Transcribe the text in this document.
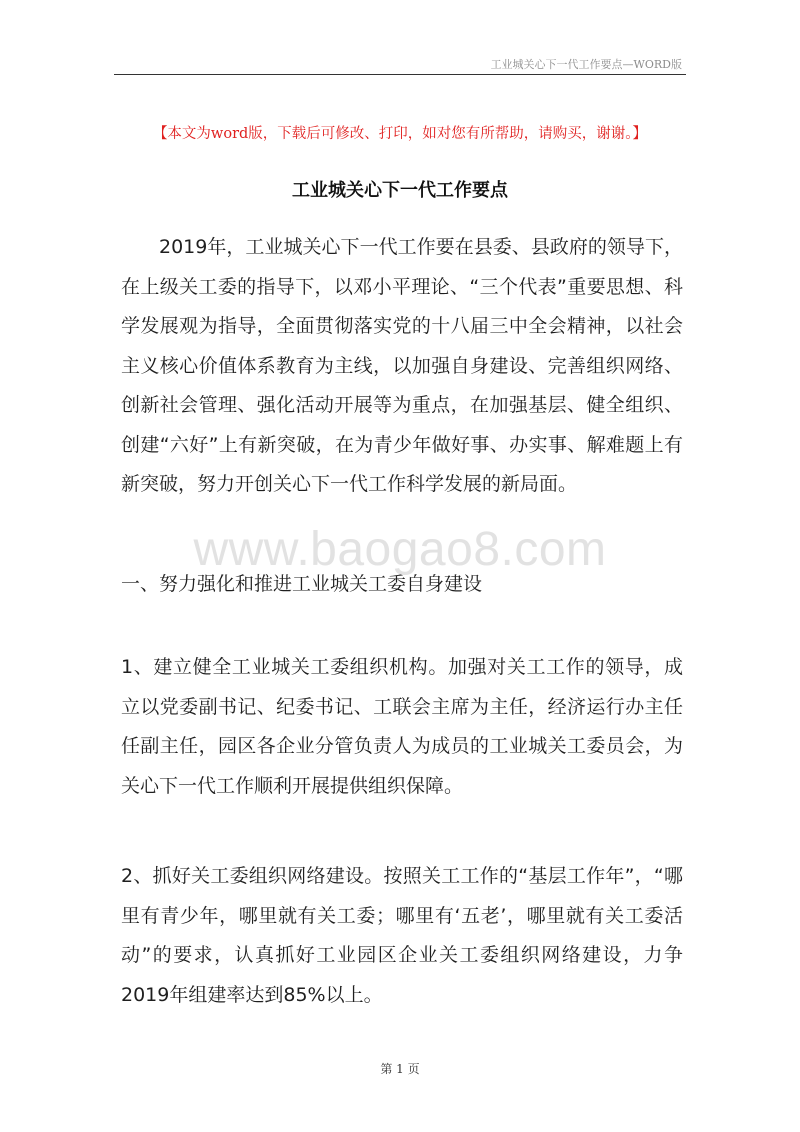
工业城关心下一代工作要点—WORD版
【本文为word版，下载后可修改、打印，如对您有所帮助，请购买，谢谢。】
工业城关心下一代工作要点

2019年，工业城关心下一代工作要在县委、县政府的领导下，在上级关工委的指导下，以邓小平理论、“三个代表”重要思想、科学发展观为指导，全面贯彻落实党的十八届三中全会精神，以社会主义核心价值体系教育为主线，以加强自身建设、完善组织网络、创新社会管理、强化活动开展等为重点，在加强基层、健全组织、创建“六好”上有新突破，在为青少年做好事、办实事、解难题上有新突破，努力开创关心下一代工作科学发展的新局面。

一、努力强化和推进工业城关工委自身建设

1、建立健全工业城关工委组织机构。加强对关工工作的领导，成立以党委副书记、纪委书记、工联会主席为主任，经济运行办主任任副主任，园区各企业分管负责人为成员的工业城关工委员会，为关心下一代工作顺利开展提供组织保障。

2、抓好关工委组织网络建设。按照关工工作的“基层工作年”，“哪里有青少年，哪里就有关工委；哪里有‘五老’，哪里就有关工委活动”的要求，认真抓好工业园区企业关工委组织网络建设，力争2019年组建率达到85%以上。

www.baogao8.com
第 1 页
